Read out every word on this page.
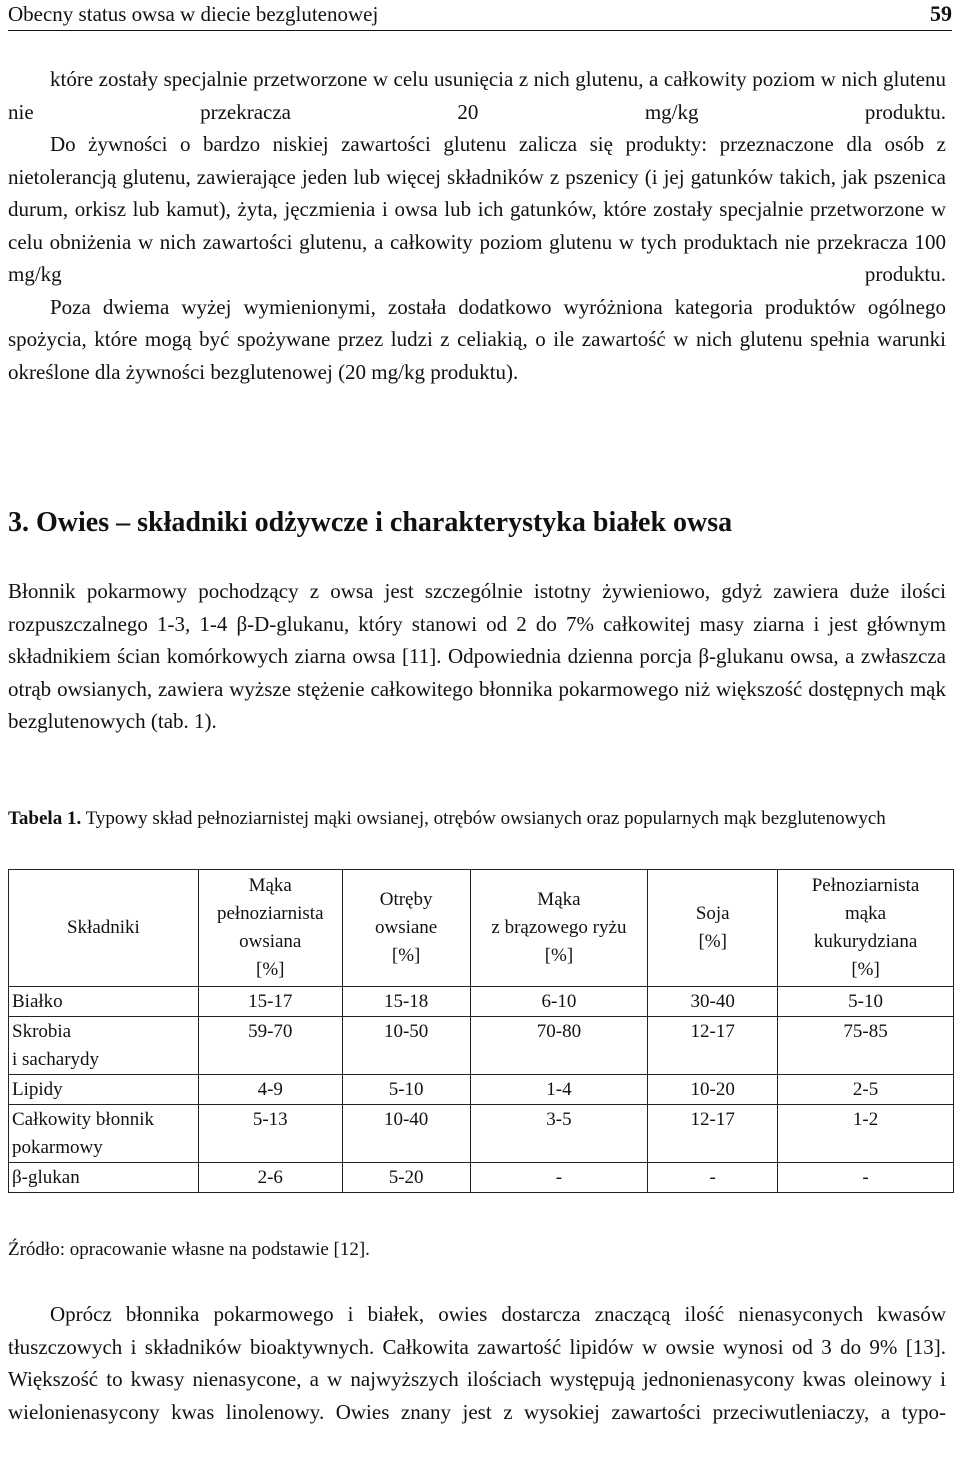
Obecny status owsa w diecie bezglutenowej	59

które zostały specjalnie przetworzone w celu usunięcia z nich glutenu, a całkowity poziom w nich glutenu nie przekracza 20 mg/kg produktu.

Do żywności o bardzo niskiej zawartości glutenu zalicza się produkty: przeznaczone dla osób z nietolerancją glutenu, zawierające jeden lub więcej składników z pszenicy (i jej gatunków takich, jak pszenica durum, orkisz lub kamut), żyta, jęczmienia i owsa lub ich gatunków, które zostały specjalnie przetworzone w celu obniżenia w nich zawartości glutenu, a całkowity poziom glutenu w tych produktach nie przekracza 100 mg/kg produktu.

Poza dwiema wyżej wymienionymi, została dodatkowo wyróżniona kategoria produktów ogólnego spożycia, które mogą być spożywane przez ludzi z celiakią, o ile zawartość w nich glutenu spełnia warunki określone dla żywności bezglutenowej (20 mg/kg produktu).

3. Owies – składniki odżywcze i charakterystyka białek owsa

Błonnik pokarmowy pochodzący z owsa jest szczególnie istotny żywieniowo, gdyż zawiera duże ilości rozpuszczalnego 1-3, 1-4 β-D-glukanu, który stanowi od 2 do 7% całkowitej masy ziarna i jest głównym składnikiem ścian komórkowych ziarna owsa [11]. Odpowiednia dzienna porcja β-glukanu owsa, a zwłaszcza otrąb owsianych, zawiera wyższe stężenie całkowitego błonnika pokarmowego niż większość dostępnych mąk bezglutenowych (tab. 1).

Tabela 1. Typowy skład pełnoziarnistej mąki owsianej, otrębów owsianych oraz popularnych mąk bezglutenowych
Składniki	Mąka
pełnoziarnista
owsiana
[%]	Otręby
owsiane
[%]	Mąka
z brązowego ryżu
[%]	Soja
[%]	Pełnoziarnista
mąka
kukurydziana
[%]
Białko	15-17	15-18	6-10	30-40	5-10
Skrobia
i sacharydy	59-70	10-50	70-80	12-17	75-85
Lipidy	4-9	5-10	1-4	10-20	2-5
Całkowity błonnik pokarmowy	5-13	10-40	3-5	12-17	1-2
β-glukan	2-6	5-20	-	-	-
Źródło: opracowanie własne na podstawie [12].

Oprócz błonnika pokarmowego i białek, owies dostarcza znaczącą ilość nienasyconych kwasów tłuszczowych i składników bioaktywnych. Całkowita zawartość lipidów w owsie wynosi od 3 do 9% [13]. Większość to kwasy nienasycone, a w najwyższych ilościach występują jednonienasycony kwas oleinowy i wielonienasycony kwas linolenowy. Owies znany jest z wysokiej zawartości przeciwutleniaczy, a typo-
